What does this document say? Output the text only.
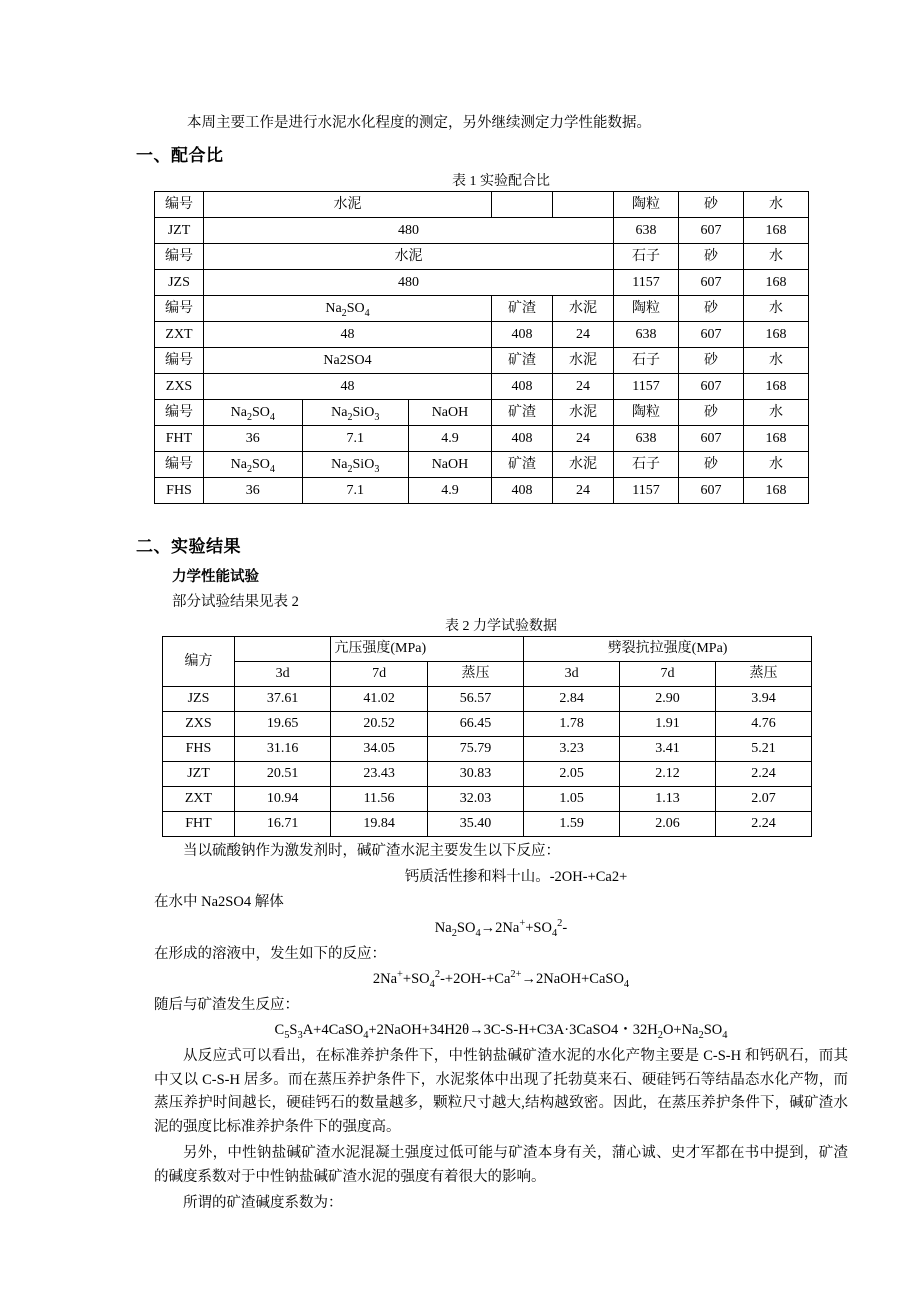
本周主要工作是进行水泥水化程度的测定，另外继续测定力学性能数据。

一、配合比
表 1 实验配合比
编号	水泥					陶粒	砂	水
JZT	480					638	607	168
编号	水泥					石子	砂	水
JZS	480					1157	607	168
编号	$Na_2SO_4$			矿渣	水泥	陶粒	砂	水
ZXT	48			408	24	638	607	168
编号	Na2SO4			矿渣	水泥	石子	砂	水
ZXS	48			408	24	1157	607	168
编号	$Na_2SO_4$	$Na_2SiO_3$	NaOH	矿渣	水泥	陶粒	砂	水
FHT	36	7.1	4.9	408	24	638	607	168
编号	$Na_2SO_4$	$Na_2SiO_3$	NaOH	矿渣	水泥	石子	砂	水
FHS	36	7.1	4.9	408	24	1157	607	168
二、实验结果
力学性能试验
部分试验结果见表 2
表 2 力学试验数据
编方		亢压强度(MPa)		劈裂抗拉强度(MPa)		
	3d	7d	蒸压	3d	7d	蒸压
JZS	37.61	41.02	56.57	2.84	2.90	3.94
ZXS	19.65	20.52	66.45	1.78	1.91	4.76
FHS	31.16	34.05	75.79	3.23	3.41	5.21
JZT	20.51	23.43	30.83	2.05	2.12	2.24
ZXT	10.94	11.56	32.03	1.05	1.13	2.07
FHT	16.71	19.84	35.40	1.59	2.06	2.24

当以硫酸钠作为激发剂时，碱矿渣水泥主要发生以下反应：

钙质活性掺和料十山。-2OH-+Ca2+

在水中 Na2SO4 解体

$Na_2SO_4\to 2Na^++SO_4^2-$

在形成的溶液中，发生如下的反应：

$2Na^++SO_4^2-+2OH-+Ca^{2+}\to 2NaOH+CaSO_4$

随后与矿渣发生反应：

$C_5S_3A+4CaSO_4+2NaOH+34H2\theta\to 3C-S-H+C3A\cdot 3CaSO4$・$32H_2O+Na_2SO_4$

从反应式可以看出，在标准养护条件下，中性钠盐碱矿渣水泥的水化产物主要是 C-S-H 和钙矾石，而其中又以 C-S-H 居多。而在蒸压养护条件下，水泥浆体中出现了托勃莫来石、硬硅钙石等结晶态水化产物，而蒸压养护时间越长，硬硅钙石的数量越多，颗粒尺寸越大,结构越致密。因此，在蒸压养护条件下，碱矿渣水泥的强度比标准养护条件下的强度高。

另外，中性钠盐碱矿渣水泥混凝土强度过低可能与矿渣本身有关，蒲心诚、史才军都在书中提到，矿渣的碱度系数对于中性钠盐碱矿渣水泥的强度有着很大的影响。

所谓的矿渣碱度系数为：
